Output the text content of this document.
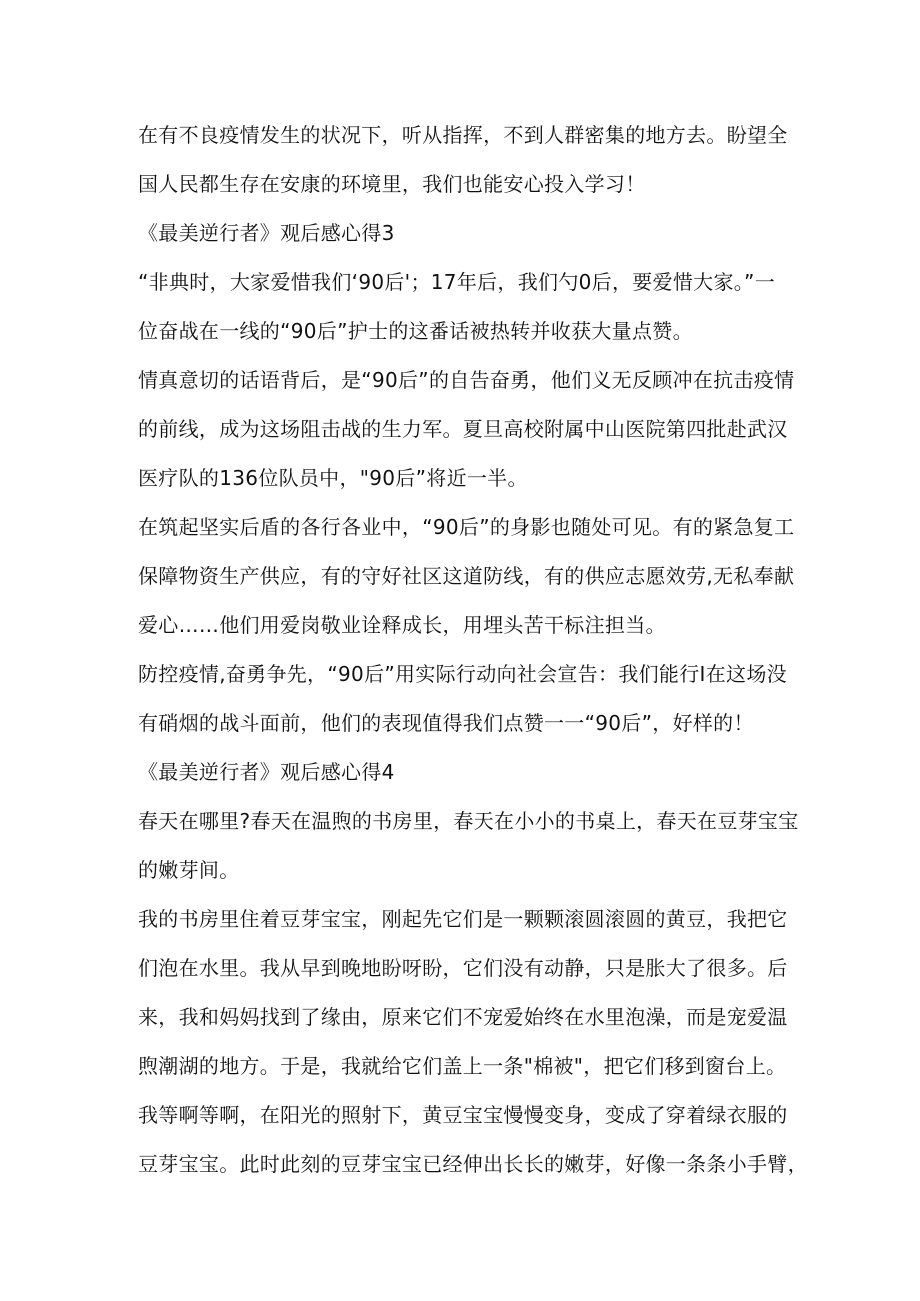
在有不良疫情发生的状况下，听从指挥，不到人群密集的地方去。盼望全
国人民都生存在安康的环境里，我们也能安心投入学习！
《最美逆行者》观后感心得3
“非典时，大家爱惜我们‘90后'；17年后，我们勺0后，要爱惜大家。”一
位奋战在一线的“90后”护士的这番话被热转并收获大量点赞。
情真意切的话语背后，是“90后”的自告奋勇，他们义无反顾冲在抗击疫情
的前线，成为这场阻击战的生力军。夏旦高校附属中山医院第四批赴武汉
医疗队的136位队员中，"90后”将近一半。
在筑起坚实后盾的各行各业中，“90后”的身影也随处可见。有的紧急复工
保障物资生产供应，有的守好社区这道防线，有的供应志愿效劳,无私奉献
爱心……他们用爱岗敬业诠释成长，用埋头苦干标注担当。
防控疫情,奋勇争先，“90后”用实际行动向社会宣告：我们能行I在这场没
有硝烟的战斗面前，他们的表现值得我们点赞一一“90后”，好样的！
《最美逆行者》观后感心得4
春天在哪里?春天在温煦的书房里，春天在小小的书桌上，春天在豆芽宝宝
的嫩芽间。
我的书房里住着豆芽宝宝，刚起先它们是一颗颗滚圆滚圆的黄豆，我把它
们泡在水里。我从早到晚地盼呀盼，它们没有动静，只是胀大了很多。后
来，我和妈妈找到了缘由，原来它们不宠爱始终在水里泡澡，而是宠爱温
煦潮湖的地方。于是，我就给它们盖上一条"棉被"，把它们移到窗台上。
我等啊等啊，在阳光的照射下，黄豆宝宝慢慢变身，变成了穿着绿衣服的
豆芽宝宝。此时此刻的豆芽宝宝已经伸出长长的嫩芽，好像一条条小手臂，
